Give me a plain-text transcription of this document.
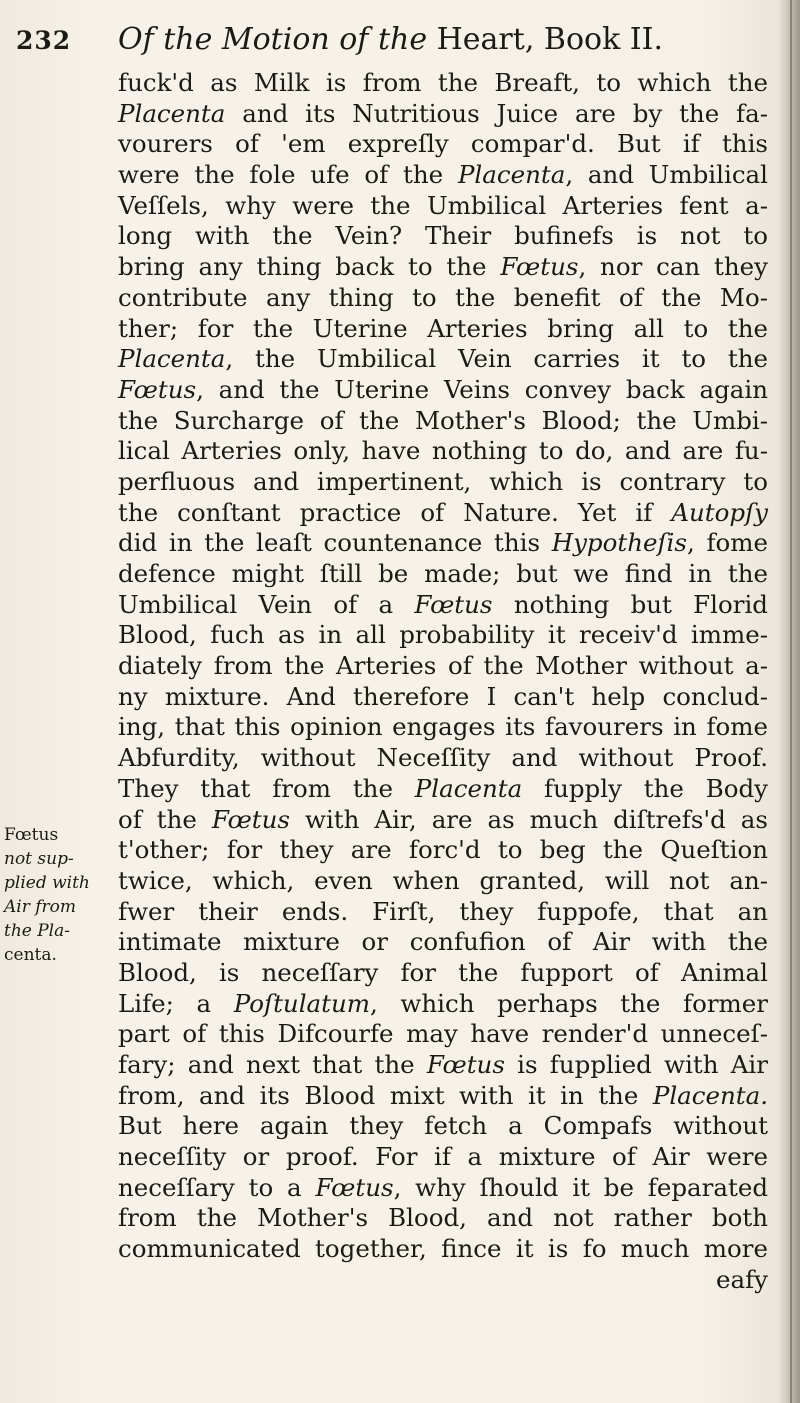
232 Of the Motion of the Heart, Book II.
Fœtus
not sup-
plied with
Air from
the Pla-
centa.
fuck'd as Milk is from the Breaft, to which the
Placenta and its Nutritious Juice are by the fa-
vourers of 'em expreſly compar'd. But if this
were the fole ufe of the Placenta, and Umbilical
Veſſels, why were the Umbilical Arteries fent a-
long with the Vein? Their bufinefs is not to
bring any thing back to the Fœtus, nor can they
contribute any thing to the benefit of the Mo-
ther; for the Uterine Arteries bring all to the
Placenta, the Umbilical Vein carries it to the
Fœtus, and the Uterine Veins convey back again
the Surcharge of the Mother's Blood; the Umbi-
lical Arteries only, have nothing to do, and are fu-
perfluous and impertinent, which is contrary to
the conſtant practice of Nature. Yet if Autopſy
did in the leaſt countenance this Hypotheſis, fome
defence might ſtill be made; but we find in the
Umbilical Vein of a Fœtus nothing but Florid
Blood, fuch as in all probability it receiv'd imme-
diately from the Arteries of the Mother without a-
ny mixture. And therefore I can't help conclud-
ing, that this opinion engages its favourers in fome
Abfurdity, without Neceſſity and without Proof.
They that from the Placenta fupply the Body
of the Fœtus with Air, are as much diſtrefs'd as
t'other; for they are forc'd to beg the Queſtion
twice, which, even when granted, will not an-
fwer their ends. Firſt, they fuppofe, that an
intimate mixture or confufion of Air with the
Blood, is neceſſary for the fupport of Animal
Life; a Poſtulatum, which perhaps the former
part of this Difcourfe may have render'd unneceſ-
fary; and next that the Fœtus is fupplied with Air
from, and its Blood mixt with it in the Placenta.
But here again they fetch a Compafs without
neceſſity or proof. For if a mixture of Air were
neceſſary to a Fœtus, why ſhould it be feparated
from the Mother's Blood, and not rather both
communicated together, fince it is fo much more
eafy
